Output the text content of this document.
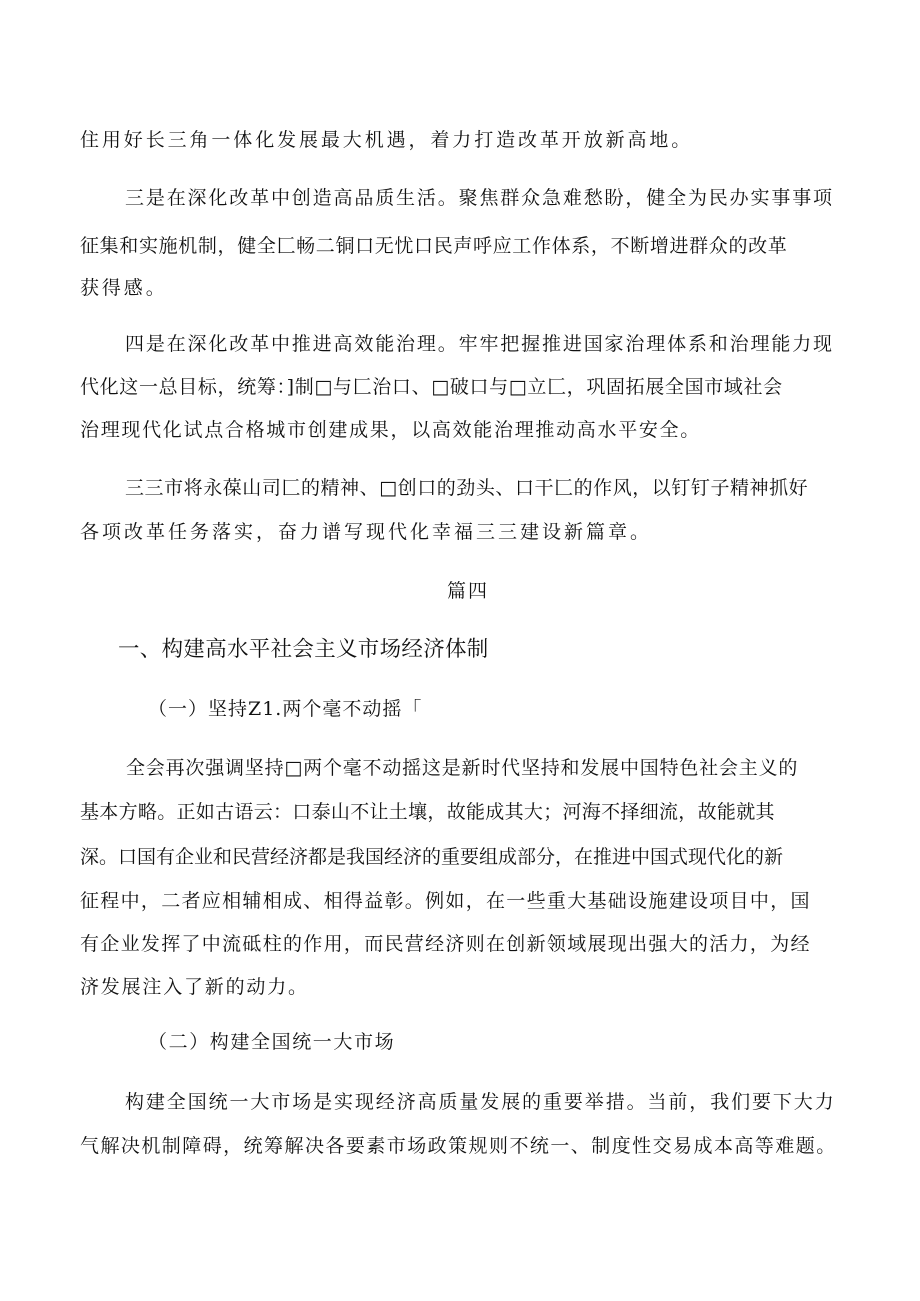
住用好长三角一体化发展最大机遇，着力打造改革开放新高地。
三是在深化改革中创造高品质生活。聚焦群众急难愁盼，健全为民办实事事项
征集和实施机制，健全匚畅二铜口无忧口民声呼应工作体系，不断增进群众的改革
获得感。
四是在深化改革中推进高效能治理。牢牢把握推进国家治理体系和治理能力现
代化这一总目标，统筹：]制□与匚治口、□破口与□立匚，巩固拓展全国市域社会
治理现代化试点合格城市创建成果，以高效能治理推动高水平安全。
三三市将永葆山司匚的精神、□创口的劲头、口干匚的作风，以钉钉子精神抓好
各项改革任务落实，奋力谱写现代化幸福三三建设新篇章。
篇四
一、构建高水平社会主义市场经济体制
（一）坚持Z1.两个毫不动摇「
全会再次强调坚持□两个毫不动摇这是新时代坚持和发展中国特色社会主义的
基本方略。正如古语云：口泰山不让土壤，故能成其大；河海不择细流，故能就其
深。口国有企业和民营经济都是我国经济的重要组成部分，在推进中国式现代化的新
征程中，二者应相辅相成、相得益彰。例如，在一些重大基础设施建设项目中，国
有企业发挥了中流砥柱的作用，而民营经济则在创新领域展现出强大的活力，为经
济发展注入了新的动力。
（二）构建全国统一大市场
构建全国统一大市场是实现经济高质量发展的重要举措。当前，我们要下大力
气解决机制障碍，统筹解决各要素市场政策规则不统一、制度性交易成本高等难题。
